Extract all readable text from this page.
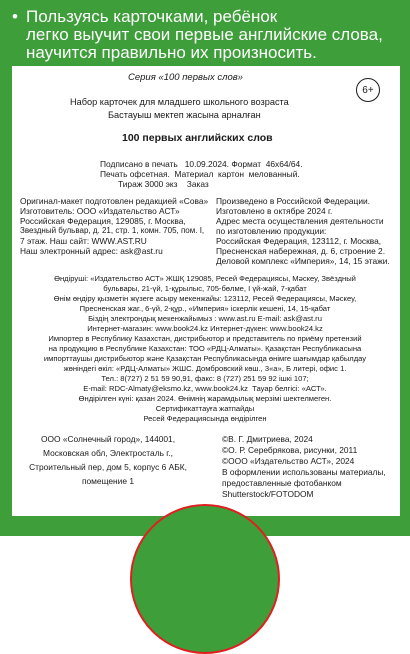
• Пользуясь карточками, ребёнок
легко выучит свои первые английские слова,
научится правильно их произносить.
Серия «100 первых слов»
6+
Набор карточек для младшего школьного возраста
Бастауыш мектеп жасына арналған
100 первых английских слов
Подписано в печать   10.09.2024. Формат  46х64/64.
Печать офсетная.  Материал  картон  мелованный.
Тираж 3000 экз    Заказ
Оригинал-макет подготовлен редакцией «Сова»
Изготовитель: ООО «Издательство АСТ»
Российская Федерация, 129085, г. Москва,
Звездный бульвар, д. 21, стр. 1, комн. 705, пом. I,
7 этаж. Наш сайт: WWW.AST.RU
Наш электронный адрес: ask@ast.ru
Произведено в Российской Федерации.
Изготовлено в октябре 2024 г.
Адрес места осуществления деятельности
по изготовлению продукции:
Российская Федерация, 123112, г. Москва,
Пресненская набережная, д. 6, строение 2.
Деловой комплекс «Империя», 14, 15 этажи.
Өндіруші: «Издательство АСТ» ЖШҚ 129085, Ресей Федерациясы, Мәскеу, Звёздный
бульвары, 21-үй, 1-құрылыс, 705-бөлме, І үй-жай, 7-қабат
Өнім өндіру қызметін жүзеге асыру мекенжайы: 123112, Ресей Федерациясы, Мәскеу,
Пресненская жаг., 6-үй, 2-құр., «Империя» іскерлік кешені, 14, 15-қабат
Біздің электрондық мекенжайымыз : www.ast.ru E-mail: ask@ast.ru
Интернет-магазин: www.book24.kz Интернет-дүкен: www.book24.kz
Импортер в Республику Казахстан, дистрибьютор и представитель по приёму претензий
на продукцию в Республике Казахстан: ТОО «РДЦ-Алматы». Қазақстан Республикасына
импорттаушы дистрибьютор және Қазақстан Республикасында өнімге шағымдар қабылдау
жөніндегі өкіл: «РДЦ-Алматы» ЖШС. Домбровский көш., 3«а», Б литері, офис 1.
Тел.: 8(727) 2 51 59 90,91, факс: 8 (727) 251 59 92 ішкі 107;
E-mail: RDC-Almaty@eksmo.kz, www.book24.kz  Тауар белгісі: «АСТ».
Өндірілген күні: қазан 2024. Өнімнің жарамдылық мерзімі шектелмеген.
Сертификаттауға жатпайды
Ресей Федерациясында өндірілген
ООО «Солнечный город», 144001,
Московская обл, Электросталь г.,
Строительный пер, дом 5, корпус 6 АБК,
помещение 1
©В. Г. Дмитриева, 2024
©О. Р. Серебрякова, рисунки, 2011
©ООО «Издательство АСТ», 2024
В оформлении использованы материалы,
предоставленные фотобанком
Shutterstock/FOTODOM
